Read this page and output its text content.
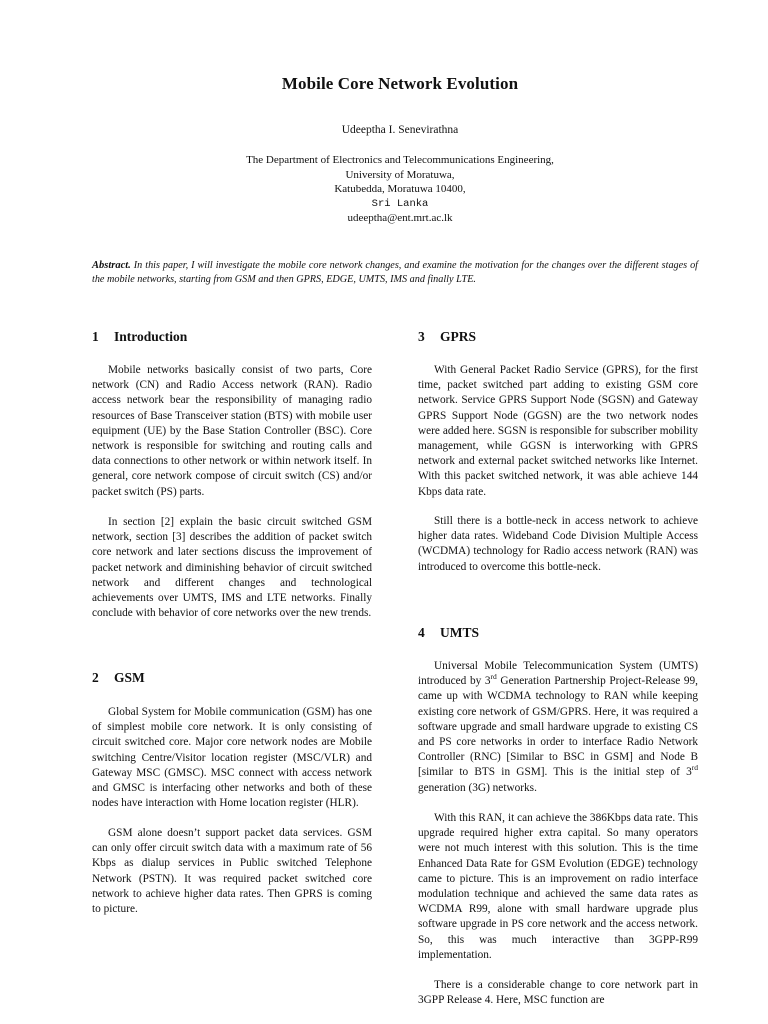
Mobile Core Network Evolution
Udeeptha I. Senevirathna
The Department of Electronics and Telecommunications Engineering,
University of Moratuwa,
Katubedda, Moratuwa 10400,
Sri Lanka
udeeptha@ent.mrt.ac.lk
Abstract. In this paper, I will investigate the mobile core network changes, and examine the motivation for the changes over the different stages of the mobile networks, starting from GSM and then GPRS, EDGE, UMTS, IMS and finally LTE.
1 Introduction

Mobile networks basically consist of two parts, Core network (CN) and Radio Access network (RAN). Radio access network bear the responsibility of managing radio resources of Base Transceiver station (BTS) with mobile user equipment (UE) by the Base Station Controller (BSC). Core network is responsible for switching and routing calls and data connections to other network or within network itself. In general, core network compose of circuit switch (CS) and/or packet switch (PS) parts.

In section [2] explain the basic circuit switched GSM network, section [3] describes the addition of packet switch core network and later sections discuss the improvement of packet network and diminishing behavior of circuit switched network and different changes and technological achievements over UMTS, IMS and LTE networks. Finally conclude with behavior of core networks over the new trends.

2 GSM

Global System for Mobile communication (GSM) has one of simplest mobile core network. It is only consisting of circuit switched core. Major core network nodes are Mobile switching Centre/Visitor location register (MSC/VLR) and Gateway MSC (GMSC). MSC connect with access network and GMSC is interfacing other networks and both of these nodes have interaction with Home location register (HLR).

GSM alone doesn’t support packet data services. GSM can only offer circuit switch data with a maximum rate of 56 Kbps as dialup services in Public switched Telephone Network (PSTN). It was required packet switched core network to achieve higher data rates. Then GPRS is coming to picture.

3 GPRS

With General Packet Radio Service (GPRS), for the first time, packet switched part adding to existing GSM core network. Service GPRS Support Node (SGSN) and Gateway GPRS Support Node (GGSN) are the two network nodes were added here. SGSN is responsible for subscriber mobility management, while GGSN is interworking with GPRS network and external packet switched networks like Internet. With this packet switched network, it was able achieve 144 Kbps data rate.

Still there is a bottle-neck in access network to achieve higher data rates. Wideband Code Division Multiple Access (WCDMA) technology for Radio access network (RAN) was introduced to overcome this bottle-neck.

4 UMTS

Universal Mobile Telecommunication System (UMTS) introduced by 3rd Generation Partnership Project-Release 99, came up with WCDMA technology to RAN while keeping existing core network of GSM/GPRS. Here, it was required a software upgrade and small hardware upgrade to existing CS and PS core networks in order to interface Radio Network Controller (RNC) [Similar to BSC in GSM] and Node B [similar to BTS in GSM]. This is the initial step of 3rd generation (3G) networks.

With this RAN, it can achieve the 386Kbps data rate. This upgrade required higher extra capital. So many operators were not much interest with this solution. This is the time Enhanced Data Rate for GSM Evolution (EDGE) technology came to picture. This is an improvement on radio interface modulation technique and achieved the same data rates as WCDMA R99, alone with small hardware upgrade plus software upgrade in PS core network and the access network. So, this was much interactive than 3GPP-R99 implementation.

There is a considerable change to core network part in 3GPP Release 4. Here, MSC function are
